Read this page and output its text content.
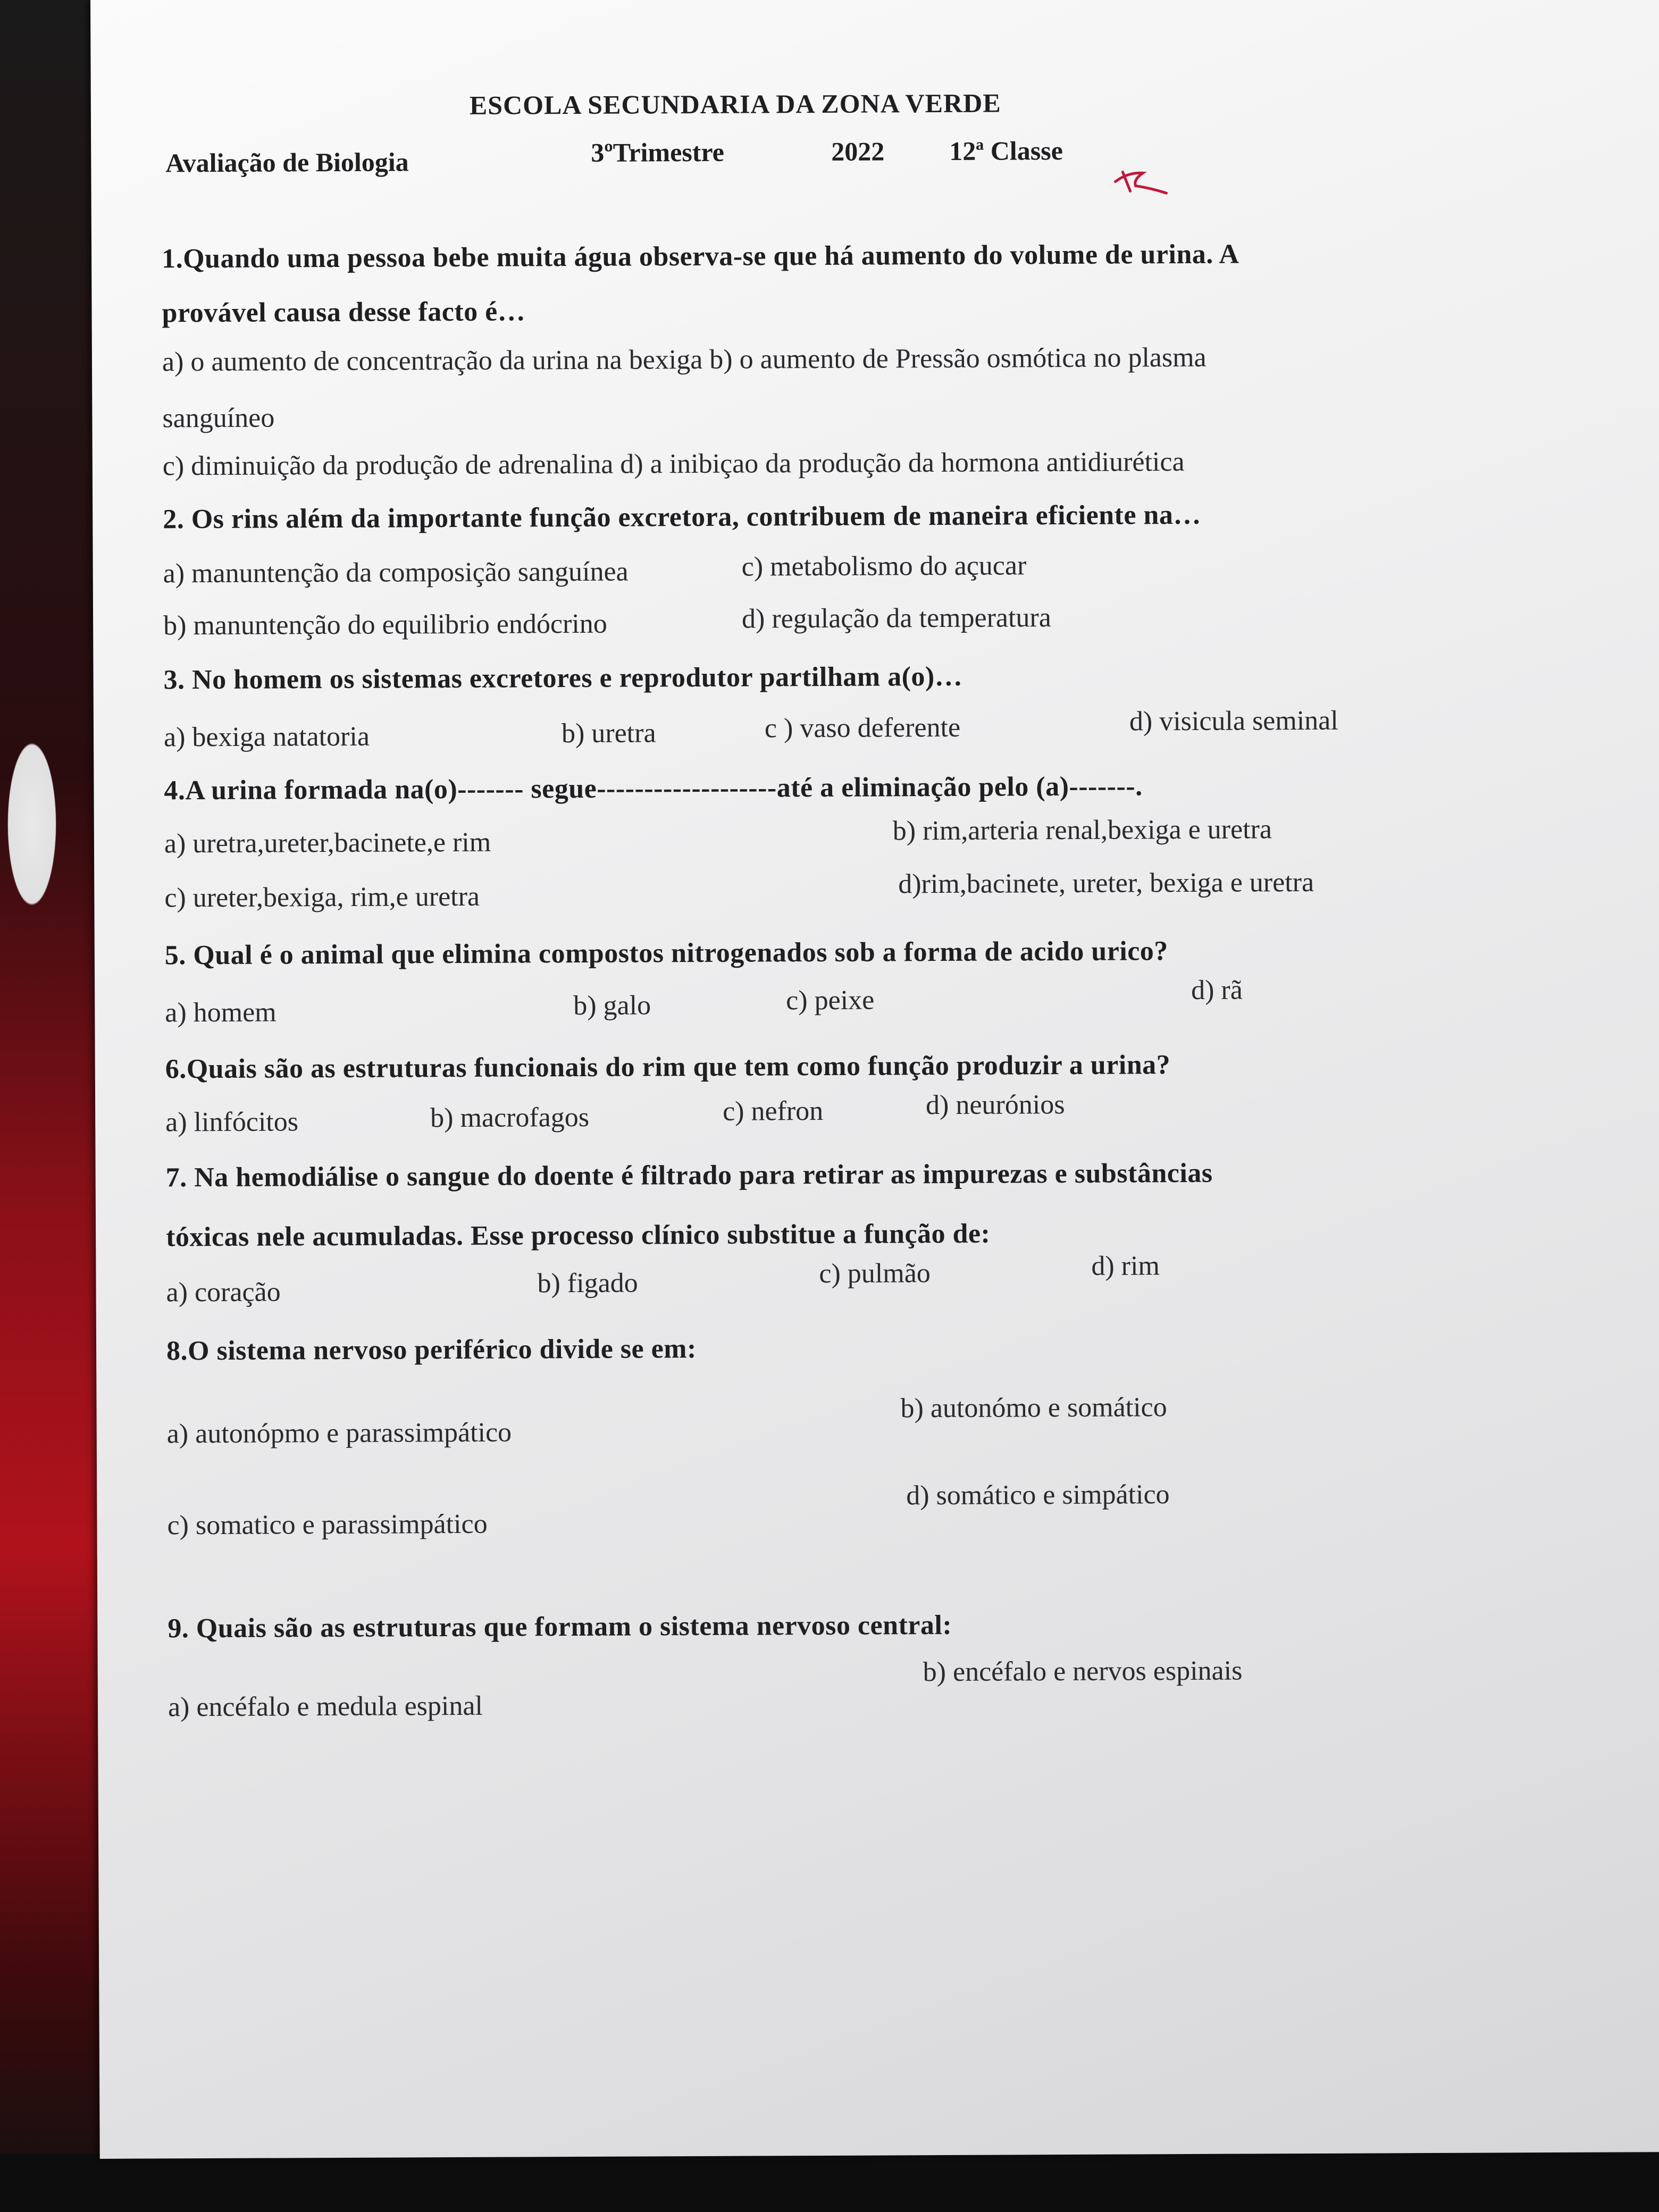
ESCOLA SECUNDARIA DA ZONA VERDE
Avaliação de Biologia	3ºTrimestre	2022 12ª Classe
1.Quando uma pessoa bebe muita água observa-se que há aumento do volume de urina. A
provável causa desse facto é…
a) o aumento de concentração da urina na bexiga b) o aumento de Pressão osmótica no plasma
sanguíneo
c) diminuição da produção de adrenalina d) a inibiçao da produção da hormona antidiurética
2. Os rins além da importante função excretora, contribuem de maneira eficiente na…
a) manuntenção da composição sanguínea	c) metabolismo do açucar
b) manuntenção do equilibrio endócrino	d) regulação da temperatura
3. No homem os sistemas excretores e reprodutor partilham a(o)…
a) bexiga natatoria	b) uretra	c ) vaso deferente	d) visicula seminal
4.A urina formada na(o)------- segue-------------------até a eliminação pelo (a)-------.
a) uretra,ureter,bacinete,e rim	b) rim,arteria renal,bexiga e uretra
c) ureter,bexiga, rim,e uretra	d)rim,bacinete, ureter, bexiga e uretra
5. Qual é o animal que elimina compostos nitrogenados sob a forma de acido urico?
a) homem	b) galo	c) peixe	d) rã
6.Quais são as estruturas funcionais do rim que tem como função produzir a urina?
a) linfócitos	b) macrofagos	c) nefron	d) neurónios
7. Na hemodiálise o sangue do doente é filtrado para retirar as impurezas e substâncias
tóxicas nele acumuladas. Esse processo clínico substitue a função de:
a) coração	b) figado	c) pulmão	d) rim
8.O sistema nervoso periférico divide se em:
b) autonómo e somático
a) autonópmo e parassimpático
d) somático e simpático
c) somatico e parassimpático
9. Quais são as estruturas que formam o sistema nervoso central:
b) encéfalo e nervos espinais
a) encéfalo e medula espinal
